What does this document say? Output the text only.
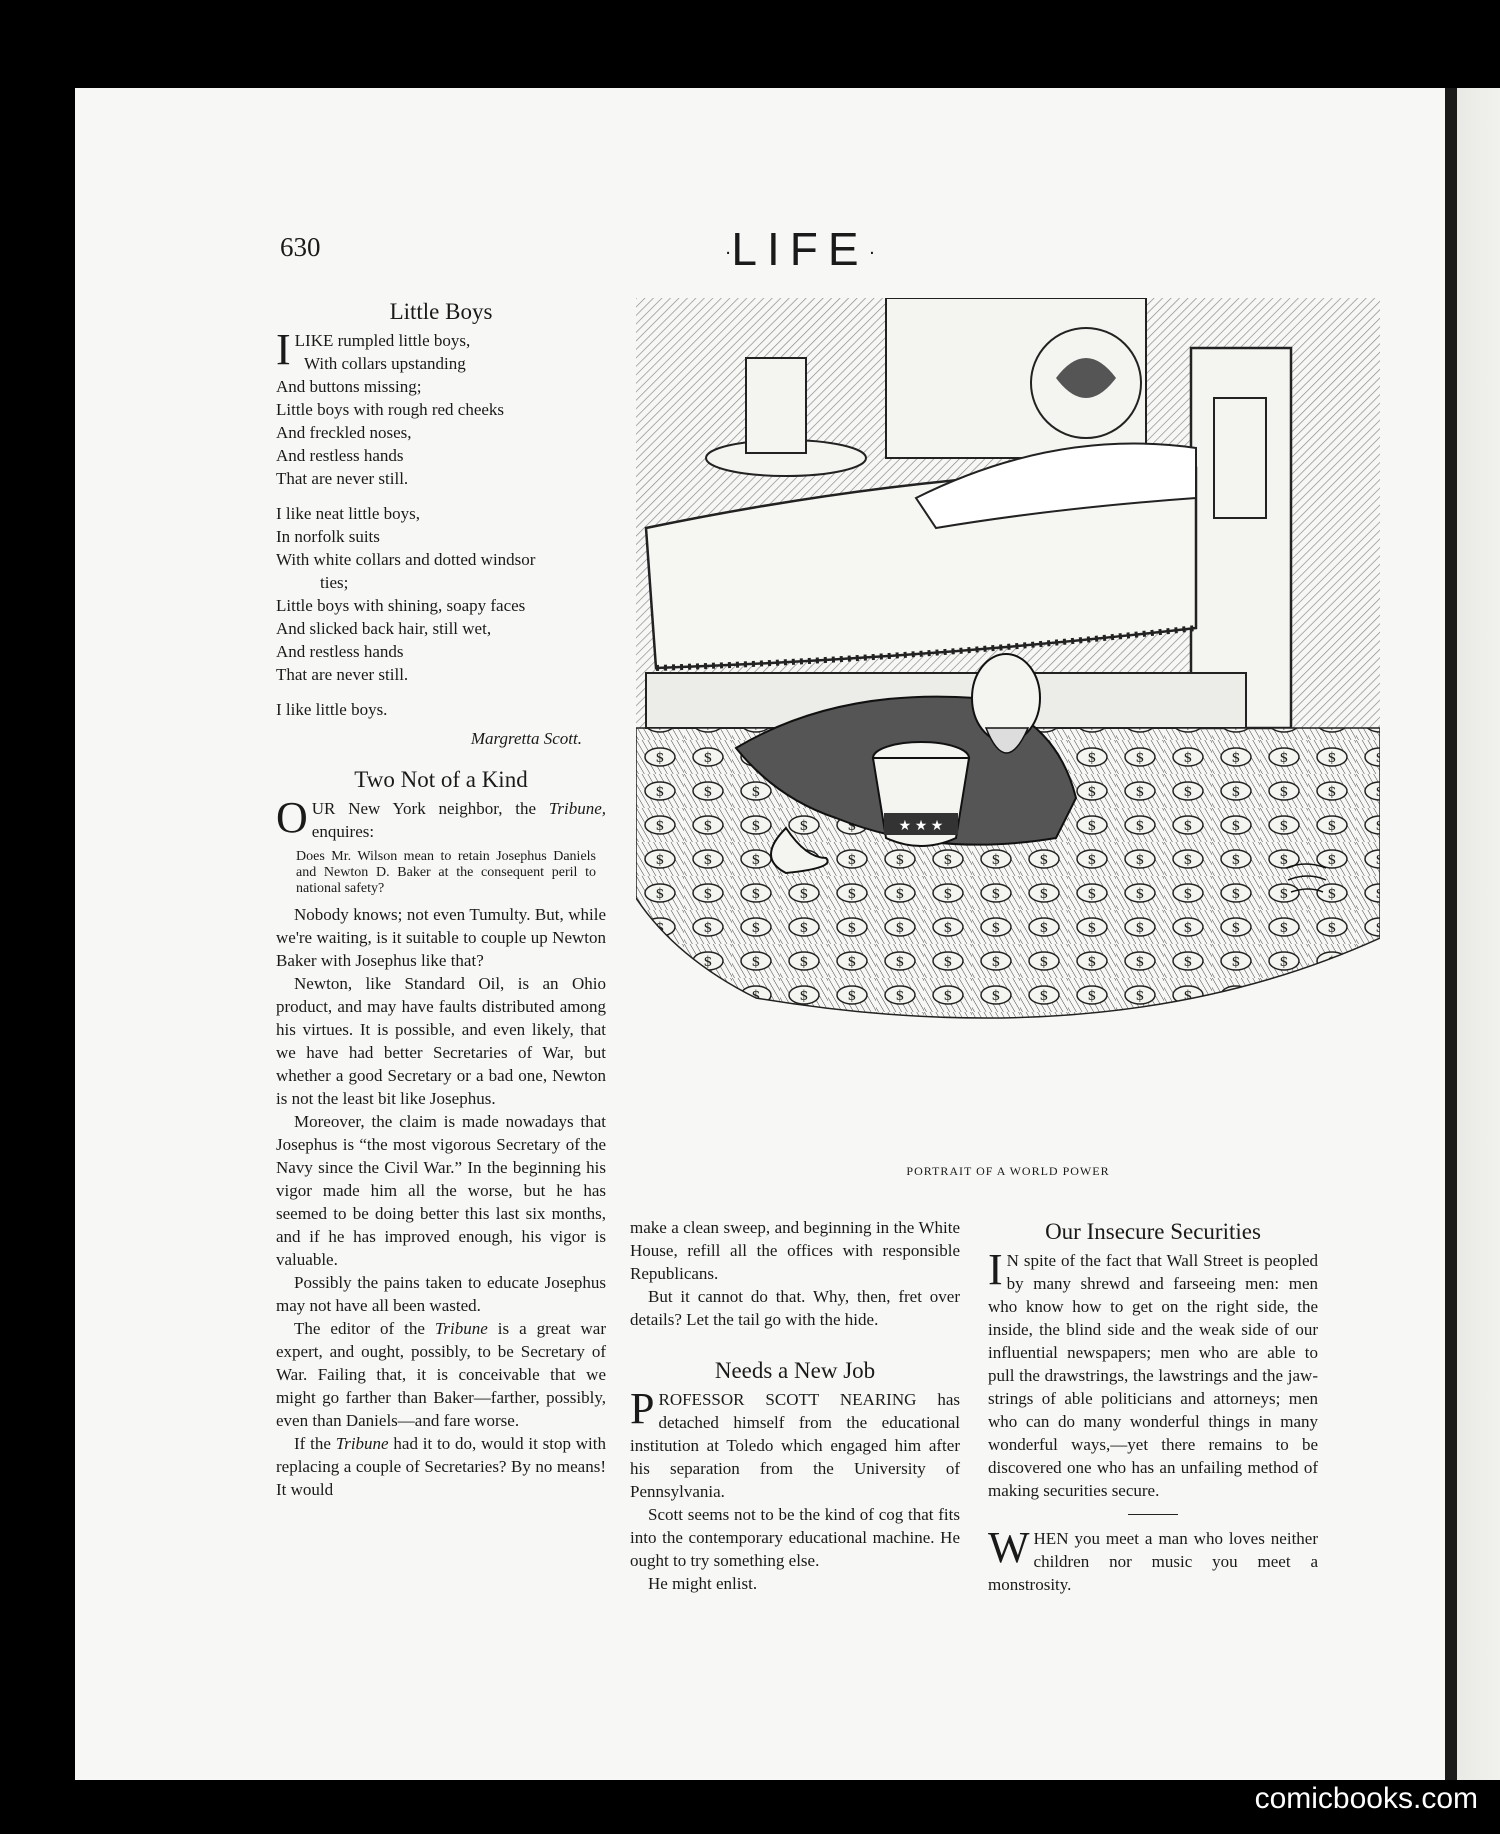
630	·LIFE·
Little Boys
I LIKE rumpled little boys,
With collars upstanding
And buttons missing;
Little boys with rough red cheeks
And freckled noses,
And restless hands
That are never still.
I like neat little boys,
In norfolk suits
With white collars and dotted windsor
ties;
Little boys with shining, soapy faces
And slicked back hair, still wet,
And restless hands
That are never still.
I like little boys.
Margretta Scott.
Two Not of a Kind

OUR New York neighbor, the Tribune, enquires:

Does Mr. Wilson mean to retain Josephus Daniels and Newton D. Baker at the consequent peril to national safety?

Nobody knows; not even Tumulty. But, while we're waiting, is it suitable to couple up Newton Baker with Josephus like that?

Newton, like Standard Oil, is an Ohio product, and may have faults distributed among his virtues. It is possible, and even likely, that we have had better Secretaries of War, but whether a good Secretary or a bad one, Newton is not the least bit like Josephus.

Moreover, the claim is made nowadays that Josephus is “the most vigorous Secretary of the Navy since the Civil War.” In the beginning his vigor made him all the worse, but he has seemed to be doing better this last six months, and if he has improved enough, his vigor is valuable.

Possibly the pains taken to educate Josephus may not have all been wasted.

The editor of the Tribune is a great war expert, and ought, possibly, to be Secretary of War. Failing that, it is conceivable that we might go farther than Baker—farther, possibly, even than Daniels—and fare worse.

If the Tribune had it to do, would it stop with replacing a couple of Secretaries? By no means! It would

★ ★ ★
PORTRAIT OF A WORLD POWER

make a clean sweep, and beginning in the White House, refill all the offices with responsible Republicans.

But it cannot do that. Why, then, fret over details? Let the tail go with the hide.

Needs a New Job

PROFESSOR SCOTT NEARING has detached himself from the educational institution at Toledo which engaged him after his separation from the University of Pennsylvania.

Scott seems not to be the kind of cog that fits into the contemporary educational machine. He ought to try something else.

He might enlist.

Our Insecure Securities

I N spite of the fact that Wall Street is peopled by many shrewd and farseeing men: men who know how to get on the right side, the inside, the blind side and the weak side of our influential newspapers; men who are able to pull the drawstrings, the lawstrings and the jaw-strings of able politicians and attorneys; men who can do many wonderful things in many wonderful ways,—yet there remains to be discovered one who has an unfailing method of making securities secure.

WHEN you meet a man who loves neither children nor music you meet a monstrosity.

comicbooks.com
